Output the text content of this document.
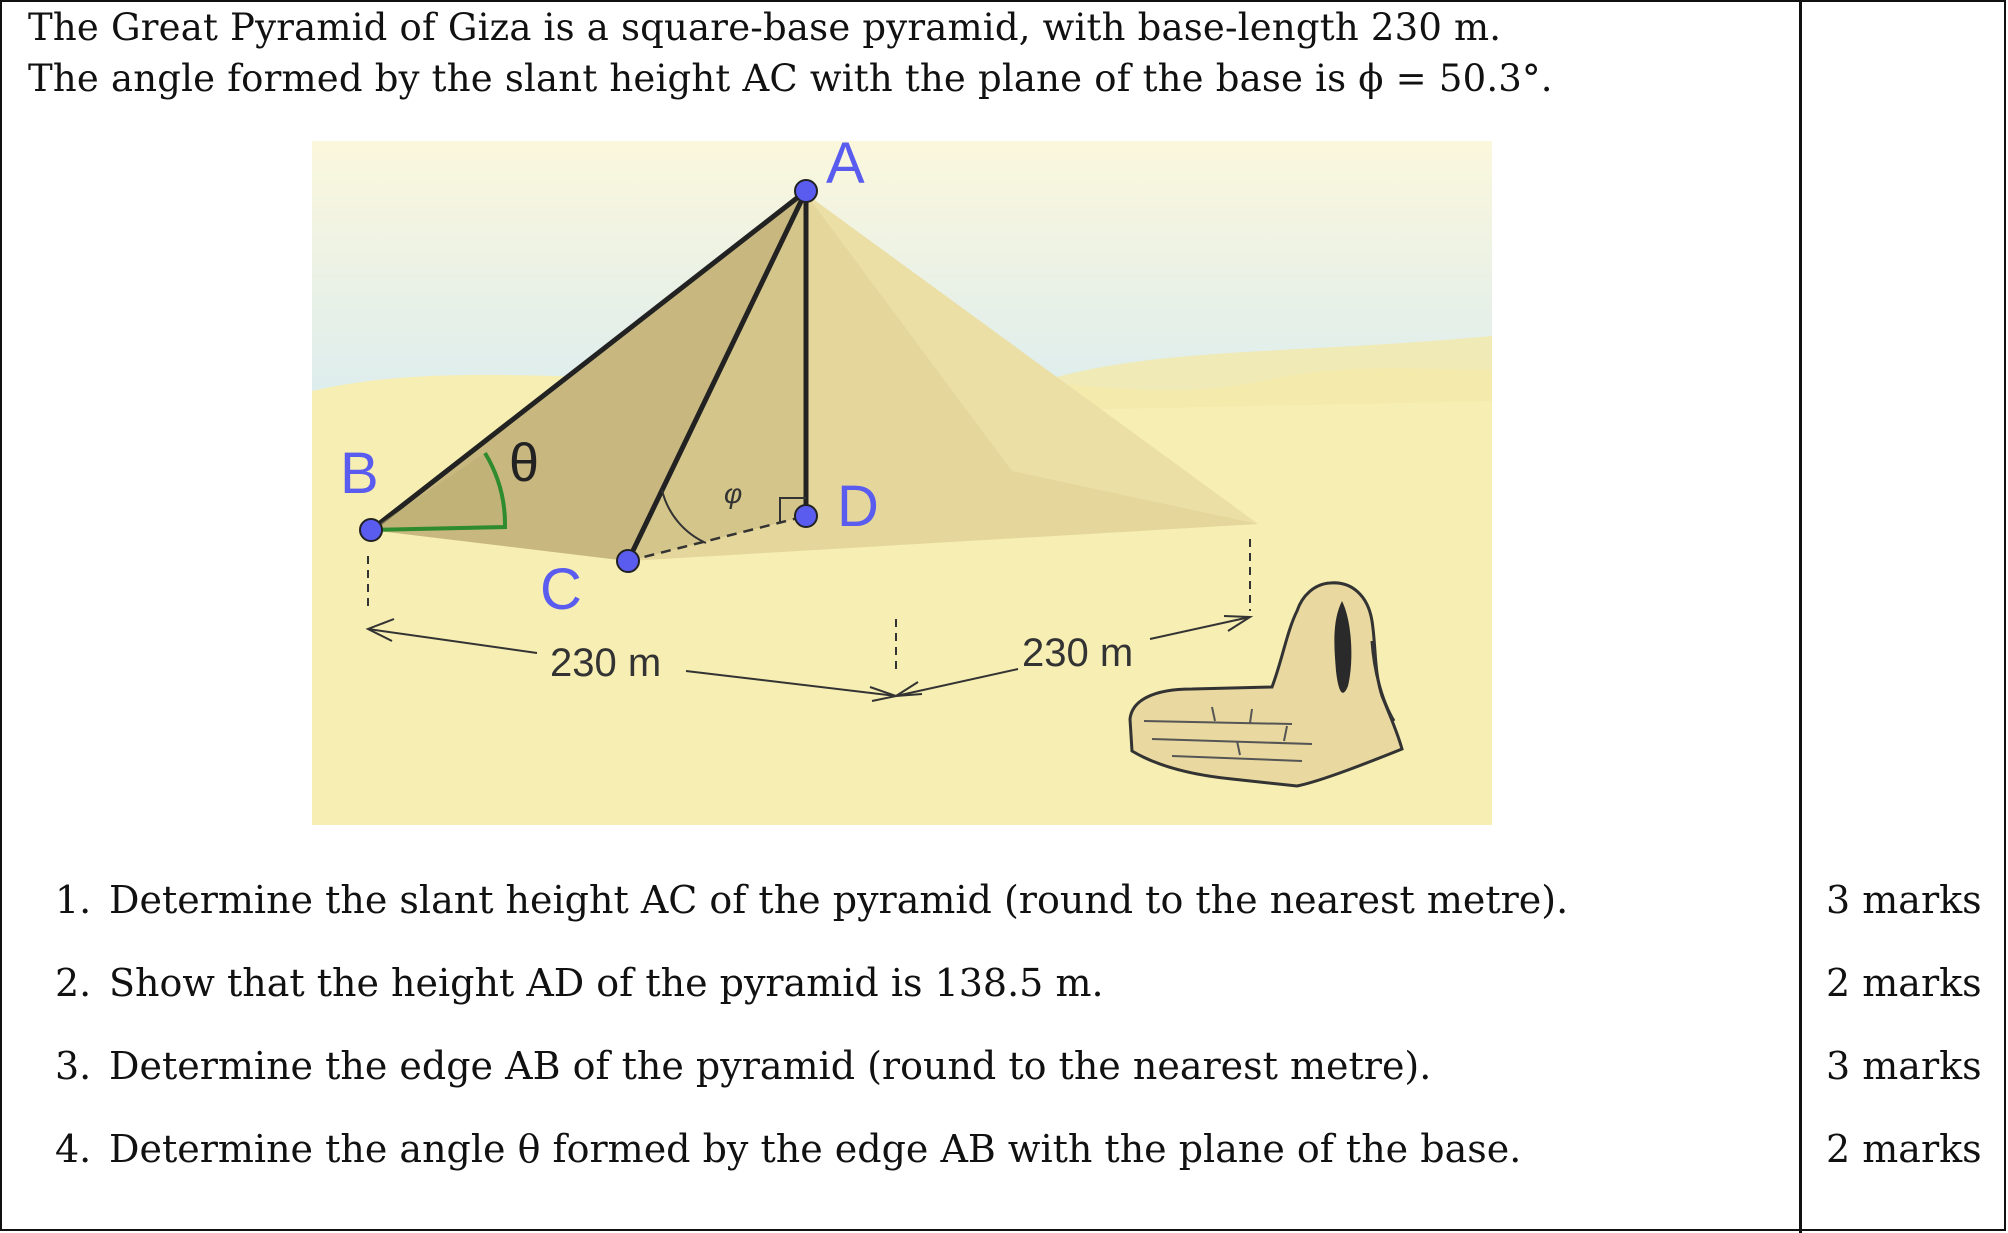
The Great Pyramid of Giza is a square-base pyramid, with base-length 230 m.
The angle formed by the slant height AC with the plane of the base is ϕ = 50.3°.
φ
θ
A
B
C
D
230 m	230 m
1. Determine the slant height AC of the pyramid (round to the nearest metre).
2. Show that the height AD of the pyramid is 138.5 m.
3. Determine the edge AB of the pyramid (round to the nearest metre).
4. Determine the angle θ formed by the edge AB with the plane of the base.
3 marks
2 marks
3 marks
2 marks
